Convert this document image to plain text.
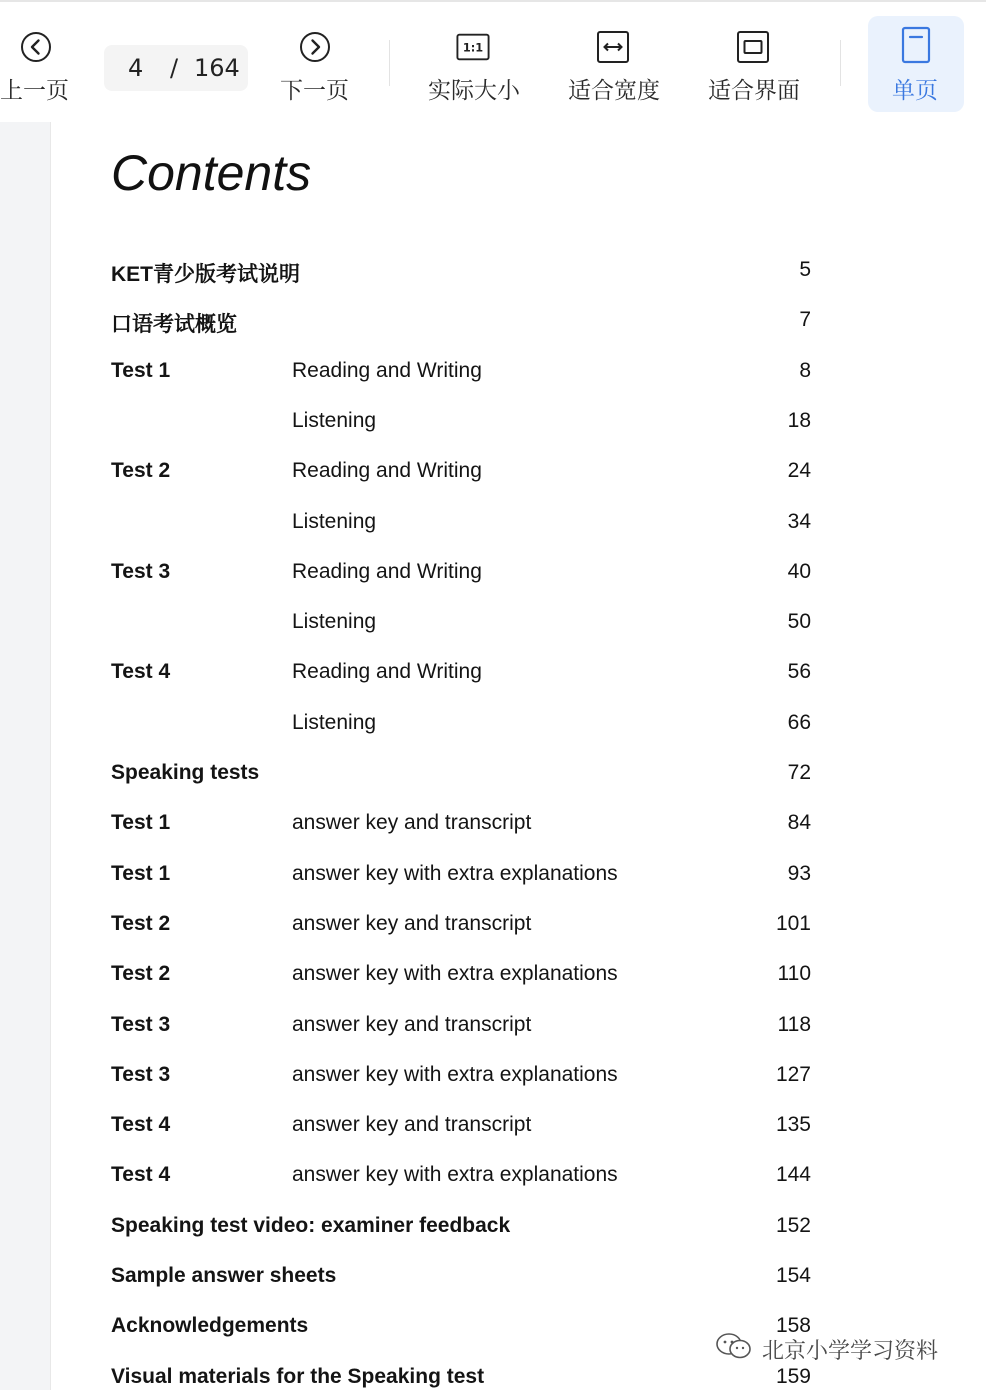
上一页
4 / 164
下一页
1:1
实际大小 适合宽度 适合界面	单页
Contents
KET青少版考试说明	5
口语考试概览	7
Test 1	Reading and Writing	8
Listening	18
Test 2	Reading and Writing	24
Listening	34
Test 3	Reading and Writing	40
Listening	50
Test 4	Reading and Writing	56
Listening	66
Speaking tests	72
Test 1	answer key and transcript	84
Test 1	answer key with extra explanations	93
Test 2	answer key and transcript	101
Test 2	answer key with extra explanations	110
Test 3	answer key and transcript	118
Test 3	answer key with extra explanations	127
Test 4	answer key and transcript	135
Test 4	answer key with extra explanations	144
Speaking test video: examiner feedback	152
Sample answer sheets	154
Acknowledgements	158
Visual materials for the Speaking test	159
北京小学学习资料
